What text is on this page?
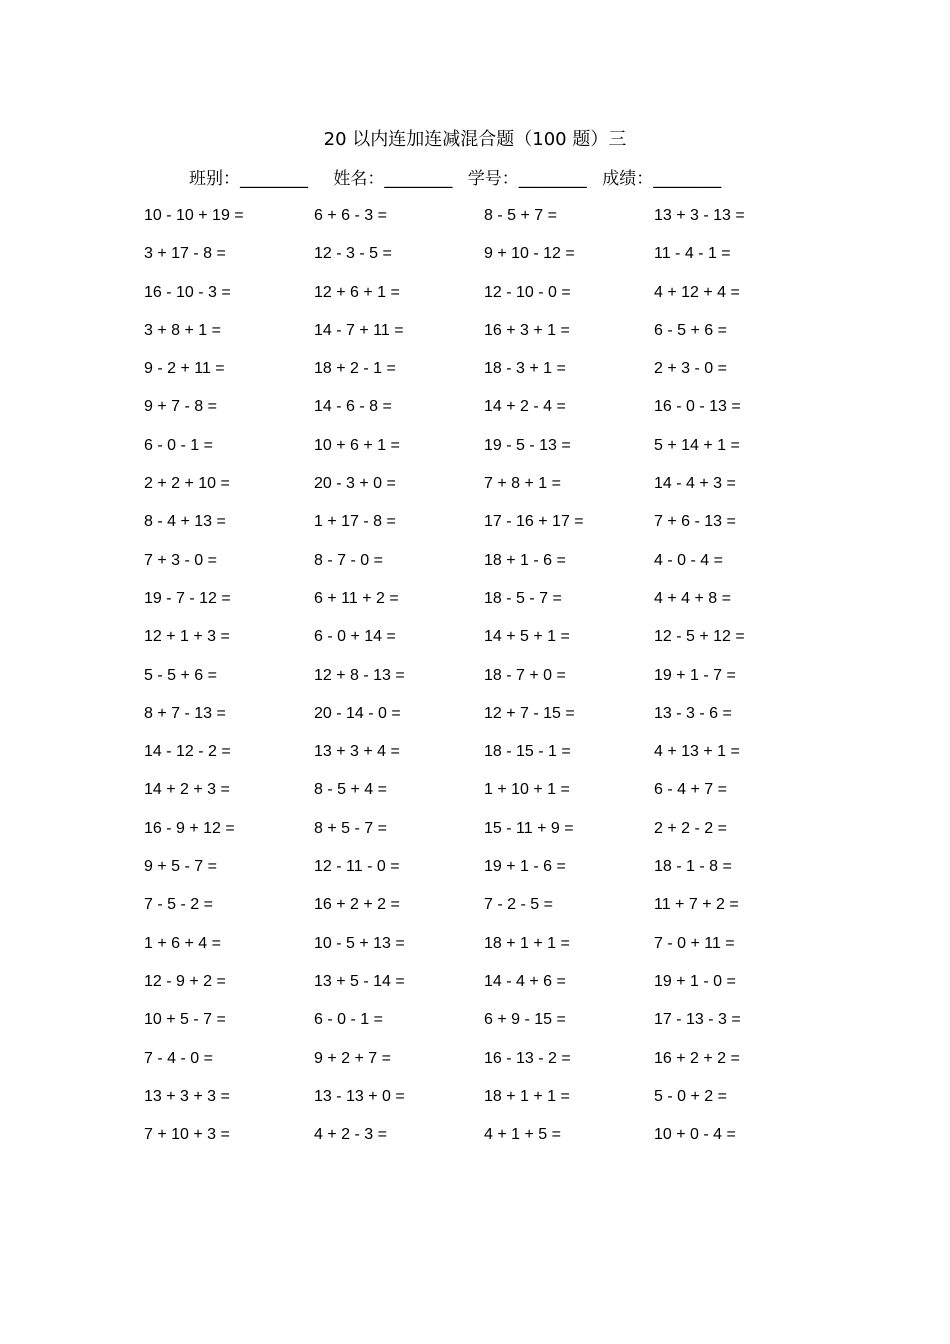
20 以内连加连减混合题（100 题）三
班别：________ 姓名：________ 学号：________ 成绩：________
10 - 10 + 19 =	6 + 6 - 3 =	8 - 5 + 7 =	13 + 3 - 13 =
3 + 17 - 8 =	12 - 3 - 5 =	9 + 10 - 12 =	11 - 4 - 1 =
16 - 10 - 3 =	12 + 6 + 1 =	12 - 10 - 0 =	4 + 12 + 4 =
3 + 8 + 1 =	14 - 7 + 11 =	16 + 3 + 1 =	6 - 5 + 6 =
9 - 2 + 11 =	18 + 2 - 1 =	18 - 3 + 1 =	2 + 3 - 0 =
9 + 7 - 8 =	14 - 6 - 8 =	14 + 2 - 4 =	16 - 0 - 13 =
6 - 0 - 1 =	10 + 6 + 1 =	19 - 5 - 13 =	5 + 14 + 1 =
2 + 2 + 10 =	20 - 3 + 0 =	7 + 8 + 1 =	14 - 4 + 3 =
8 - 4 + 13 =	1 + 17 - 8 =	17 - 16 + 17 =	7 + 6 - 13 =
7 + 3 - 0 =	8 - 7 - 0 =	18 + 1 - 6 =	4 - 0 - 4 =
19 - 7 - 12 =	6 + 11 + 2 =	18 - 5 - 7 =	4 + 4 + 8 =
12 + 1 + 3 =	6 - 0 + 14 =	14 + 5 + 1 =	12 - 5 + 12 =
5 - 5 + 6 =	12 + 8 - 13 =	18 - 7 + 0 =	19 + 1 - 7 =
8 + 7 - 13 =	20 - 14 - 0 =	12 + 7 - 15 =	13 - 3 - 6 =
14 - 12 - 2 =	13 + 3 + 4 =	18 - 15 - 1 =	4 + 13 + 1 =
14 + 2 + 3 =	8 - 5 + 4 =	1 + 10 + 1 =	6 - 4 + 7 =
16 - 9 + 12 =	8 + 5 - 7 =	15 - 11 + 9 =	2 + 2 - 2 =
9 + 5 - 7 =	12 - 11 - 0 =	19 + 1 - 6 =	18 - 1 - 8 =
7 - 5 - 2 =	16 + 2 + 2 =	7 - 2 - 5 =	11 + 7 + 2 =
1 + 6 + 4 =	10 - 5 + 13 =	18 + 1 + 1 =	7 - 0 + 11 =
12 - 9 + 2 =	13 + 5 - 14 =	14 - 4 + 6 =	19 + 1 - 0 =
10 + 5 - 7 =	6 - 0 - 1 =	6 + 9 - 15 =	17 - 13 - 3 =
7 - 4 - 0 =	9 + 2 + 7 =	16 - 13 - 2 =	16 + 2 + 2 =
13 + 3 + 3 =	13 - 13 + 0 =	18 + 1 + 1 =	5 - 0 + 2 =
7 + 10 + 3 =	4 + 2 - 3 =	4 + 1 + 5 =	10 + 0 - 4 =
